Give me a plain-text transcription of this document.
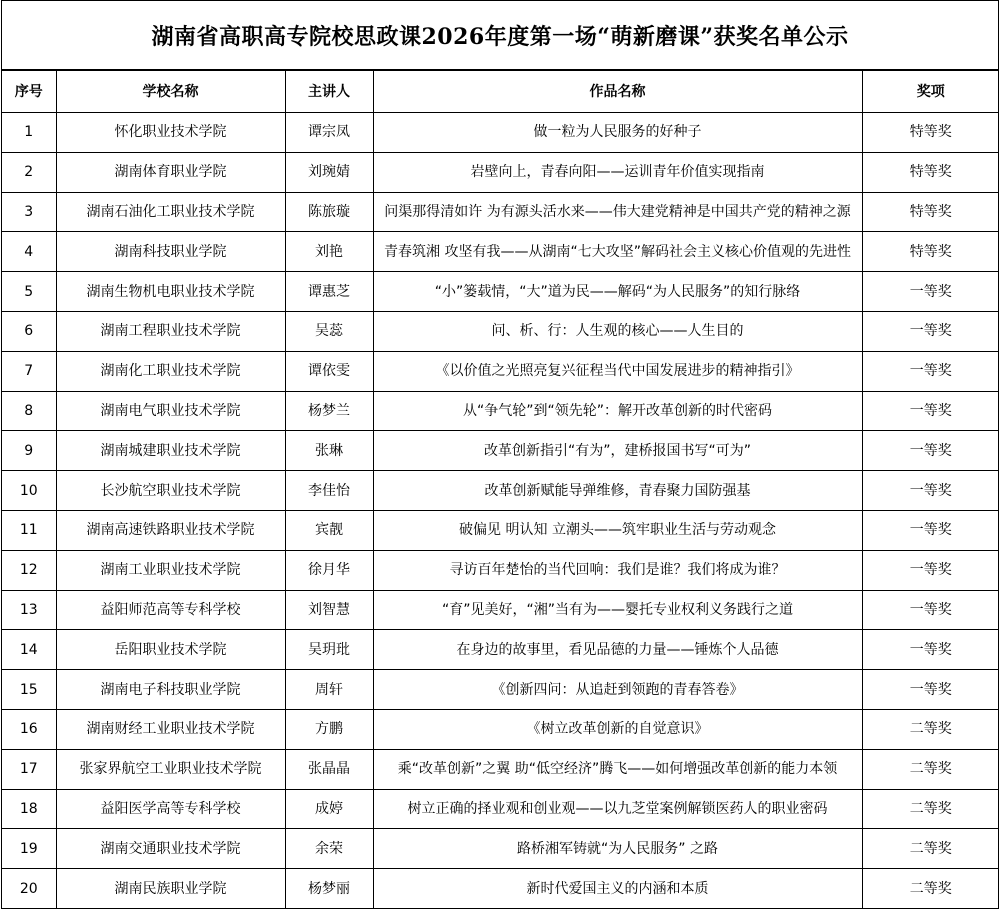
湖南省高职高专院校思政课2026年度第一场“萌新磨课”获奖名单公示
序号	学校名称	主讲人	作品名称	奖项
1	怀化职业技术学院	谭宗凤	做一粒为人民服务的好种子	特等奖
2	湖南体育职业学院	刘琬婧	岩壁向上，青春向阳——运训青年价值实现指南	特等奖
3	湖南石油化工职业技术学院	陈旅璇	问渠那得清如许 为有源头活水来——伟大建党精神是中国共产党的精神之源	特等奖
4	湖南科技职业学院	刘艳	青春筑湘 攻坚有我——从湖南“七大攻坚”解码社会主义核心价值观的先进性	特等奖
5	湖南生物机电职业技术学院	谭惠芝	“小”篓载情，“大”道为民——解码“为人民服务”的知行脉络	一等奖
6	湖南工程职业技术学院	吴蕊	问、析、行：人生观的核心——人生目的	一等奖
7	湖南化工职业技术学院	谭依雯	《以价值之光照亮复兴征程当代中国发展进步的精神指引》	一等奖
8	湖南电气职业技术学院	杨梦兰	从“争气轮”到“领先轮”：解开改革创新的时代密码	一等奖
9	湖南城建职业技术学院	张琳	改革创新指引“有为”，建桥报国书写“可为”	一等奖
10	长沙航空职业技术学院	李佳怡	改革创新赋能导弹维修，青春聚力国防强基	一等奖
11	湖南高速铁路职业技术学院	宾靓	破偏见 明认知 立潮头——筑牢职业生活与劳动观念	一等奖
12	湖南工业职业技术学院	徐月华	寻访百年楚怡的当代回响：我们是谁？我们将成为谁？	一等奖
13	益阳师范高等专科学校	刘智慧	“育”见美好，“湘”当有为——婴托专业权利义务践行之道	一等奖
14	岳阳职业技术学院	吴玥玭	在身边的故事里，看见品德的力量——锤炼个人品德	一等奖
15	湖南电子科技职业学院	周轩	《创新四问：从追赶到领跑的青春答卷》	一等奖
16	湖南财经工业职业技术学院	方鹏	《树立改革创新的自觉意识》	二等奖
17	张家界航空工业职业技术学院	张晶晶	乘“改革创新”之翼 助“低空经济”腾飞——如何增强改革创新的能力本领	二等奖
18	益阳医学高等专科学校	成婷	树立正确的择业观和创业观——以九芝堂案例解锁医药人的职业密码	二等奖
19	湖南交通职业技术学院	余荣	路桥湘军铸就“为人民服务” 之路	二等奖
20	湖南民族职业学院	杨梦丽	新时代爱国主义的内涵和本质	二等奖
